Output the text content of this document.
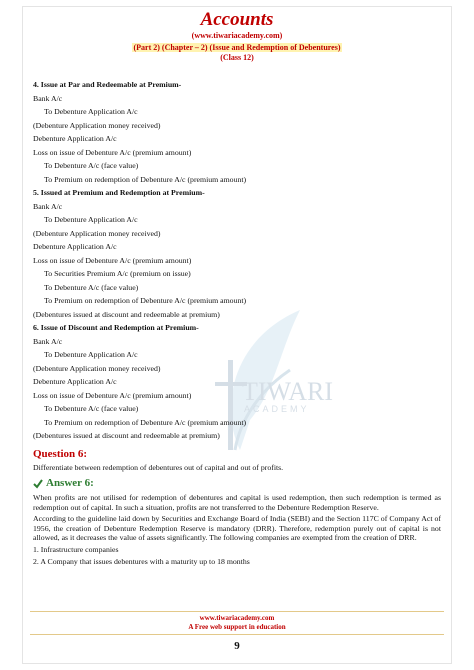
Accounts
(www.tiwariacademy.com)
(Part 2) (Chapter – 2) (Issue and Redemption of Debentures)
(Class 12)
TIWARI
ACADEMY
4. Issue at Par and Redeemable at Premium-
Bank A/c
To Debenture Application A/c
(Debenture Application money received)
Debenture Application A/c
Loss on issue of Debenture A/c (premium amount)
To Debenture A/c (face value)
To Premium on redemption of Debenture A/c (premium amount)
5. Issued at Premium and Redemption at Premium-
Bank A/c
To Debenture Application A/c
(Debenture Application money received)
Debenture Application A/c
Loss on issue of Debenture A/c (premium amount)
To Securities Premium A/c (premium on issue)
To Debenture A/c (face value)
To Premium on redemption of Debenture A/c (premium amount)
(Debentures issued at discount and redeemable at premium)
6. Issue of Discount and Redemption at Premium-
Bank A/c
To Debenture Application A/c
(Debenture Application money received)
Debenture Application A/c
Loss on issue of Debenture A/c (premium amount)
To Debenture A/c (face value)
To Premium on redemption of Debenture A/c (premium amount)
(Debentures issued at discount and redeemable at premium)
Question 6:
Differentiate between redemption of debentures out of capital and out of profits.
Answer 6:
When profits are not utilised for redemption of debentures and capital is used redemption, then such redemption is termed as redemption out of capital. In such a situation, profits are not transferred to the Debenture Redemption Reserve.
According to the guideline laid down by Securities and Exchange Board of India (SEBI) and the Section 117C of Company Act of 1956, the creation of Debenture Redemption Reserve is mandatory (DRR). Therefore, redemption purely out of capital is not allowed, as it decreases the value of assets significantly. The following companies are exempted from the creation of DRR.
1. Infrastructure companies
2. A Company that issues debentures with a maturity up to 18 months
www.tiwariacademy.com
A Free web support in education
9
